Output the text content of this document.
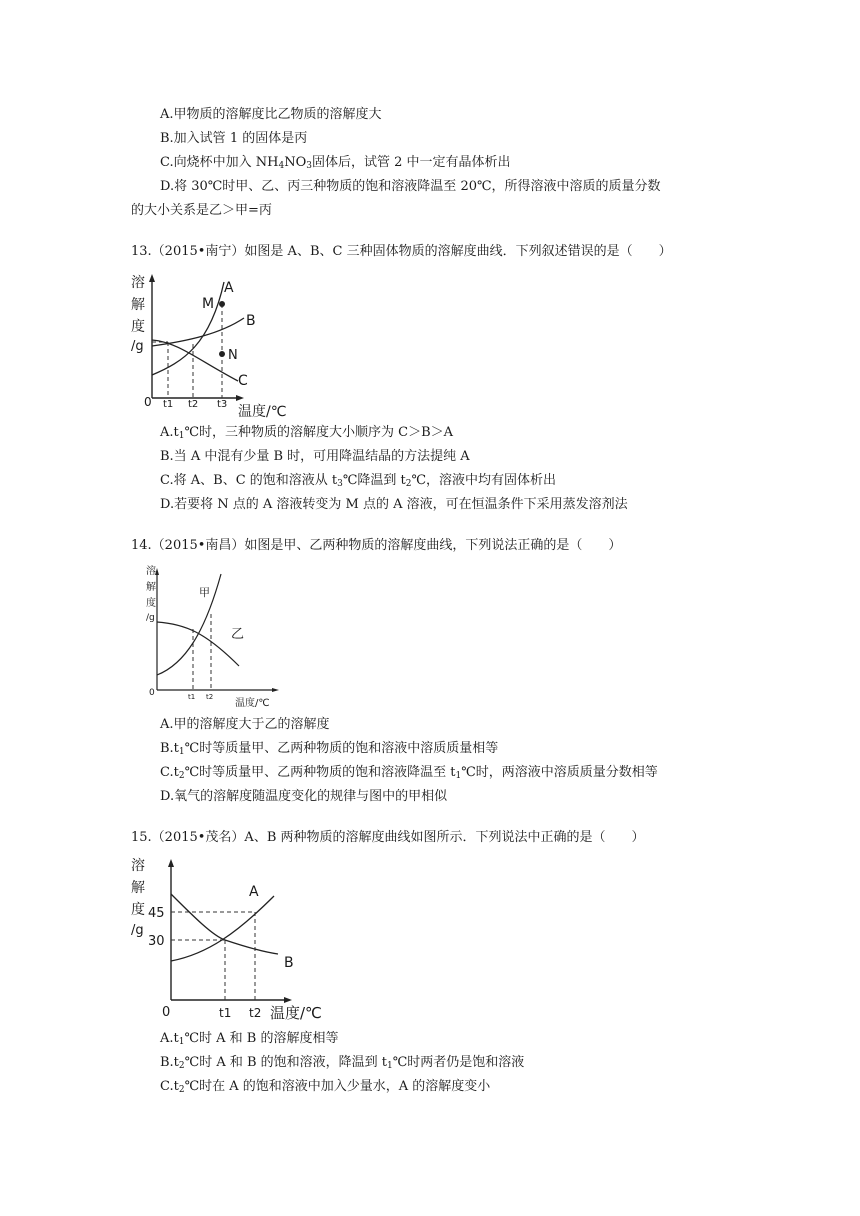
A.甲物质的溶解度比乙物质的溶解度大
B.加入试管 1 的固体是丙
C.向烧杯中加入 $NH_4NO_3$固体后，试管 2 中一定有晶体析出
D.将 30℃时甲、乙、丙三种物质的饱和溶液降温至 20℃，所得溶液中溶质的质量分数
的大小关系是乙＞甲=丙
13.（2015•南宁）如图是 A、B、C 三种固体物质的溶解度曲线．下列叙述错误的是（　　）
溶
解
度
/g
M
N
A
B
C
0 t1 t2 t3 温度/℃
$A.t_1℃$时，三种物质的溶解度大小顺序为 C＞B＞A
B.当 A 中混有少量 B 时，可用降温结晶的方法提纯 A
C.将 A、B、C 的饱和溶液从 $t_3℃$降温到 $t_2℃$，溶液中均有固体析出
D.若要将 N 点的 A 溶液转变为 M 点的 A 溶液，可在恒温条件下采用蒸发溶剂法
14.（2015•南昌）如图是甲、乙两种物质的溶解度曲线，下列说法正确的是（　　）
溶
解
度
/g
甲
乙
0	t1 t2
温度/℃
A.甲的溶解度大于乙的溶解度
$B.t_1℃$时等质量甲、乙两种物质的饱和溶液中溶质质量相等
$C.t_2℃$时等质量甲、乙两种物质的饱和溶液降温至 $t_1℃$时，两溶液中溶质质量分数相等
D.氧气的溶解度随温度变化的规律与图中的甲相似
15.（2015•茂名）A、B 两种物质的溶解度曲线如图所示．下列说法中正确的是（　　）
溶
解
度
/g
A
B
45
30
0	t1 t2 温度/℃
$A.t_1℃$时 A 和 B 的溶解度相等
$B.t_2℃$时 A 和 B 的饱和溶液，降温到 $t_1℃$时两者仍是饱和溶液
$C.t_2℃$时在 A 的饱和溶液中加入少量水，A 的溶解度变小
